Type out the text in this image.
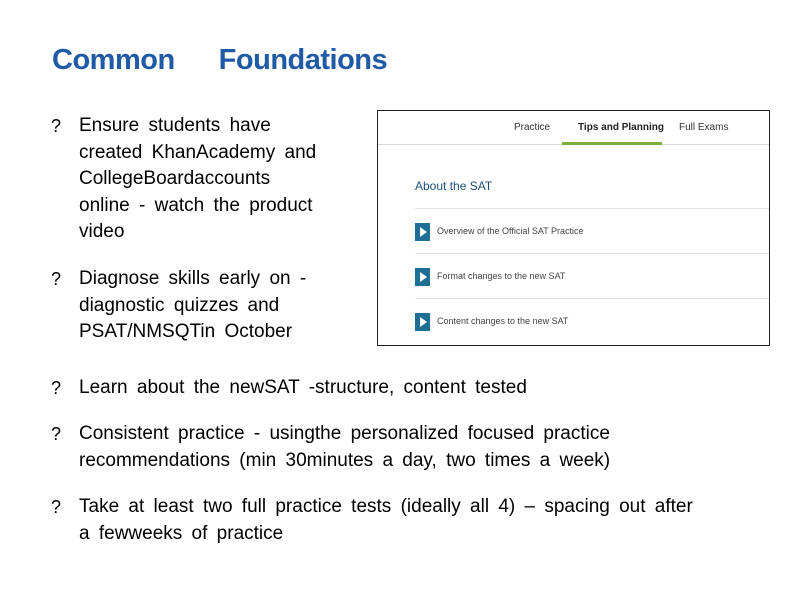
Common Foundations
? Ensure students have
created KhanAcademy and
CollegeBoardaccounts
online - watch the product
video
? Diagnose skills early on -
diagnostic quizzes and
PSAT/NMSQTin October
? Learn about the newSAT -structure, content tested
? Consistent practice - usingthe personalized focused practice
recommendations (min 30minutes a day, two times a week)
? Take at least two full practice tests (ideally all 4) – spacing out after
a fewweeks of practice
Practice	Tips and Planning Full Exams
About the SAT
Overview of the Official SAT Practice
Format changes to the new SAT
Content changes to the new SAT
